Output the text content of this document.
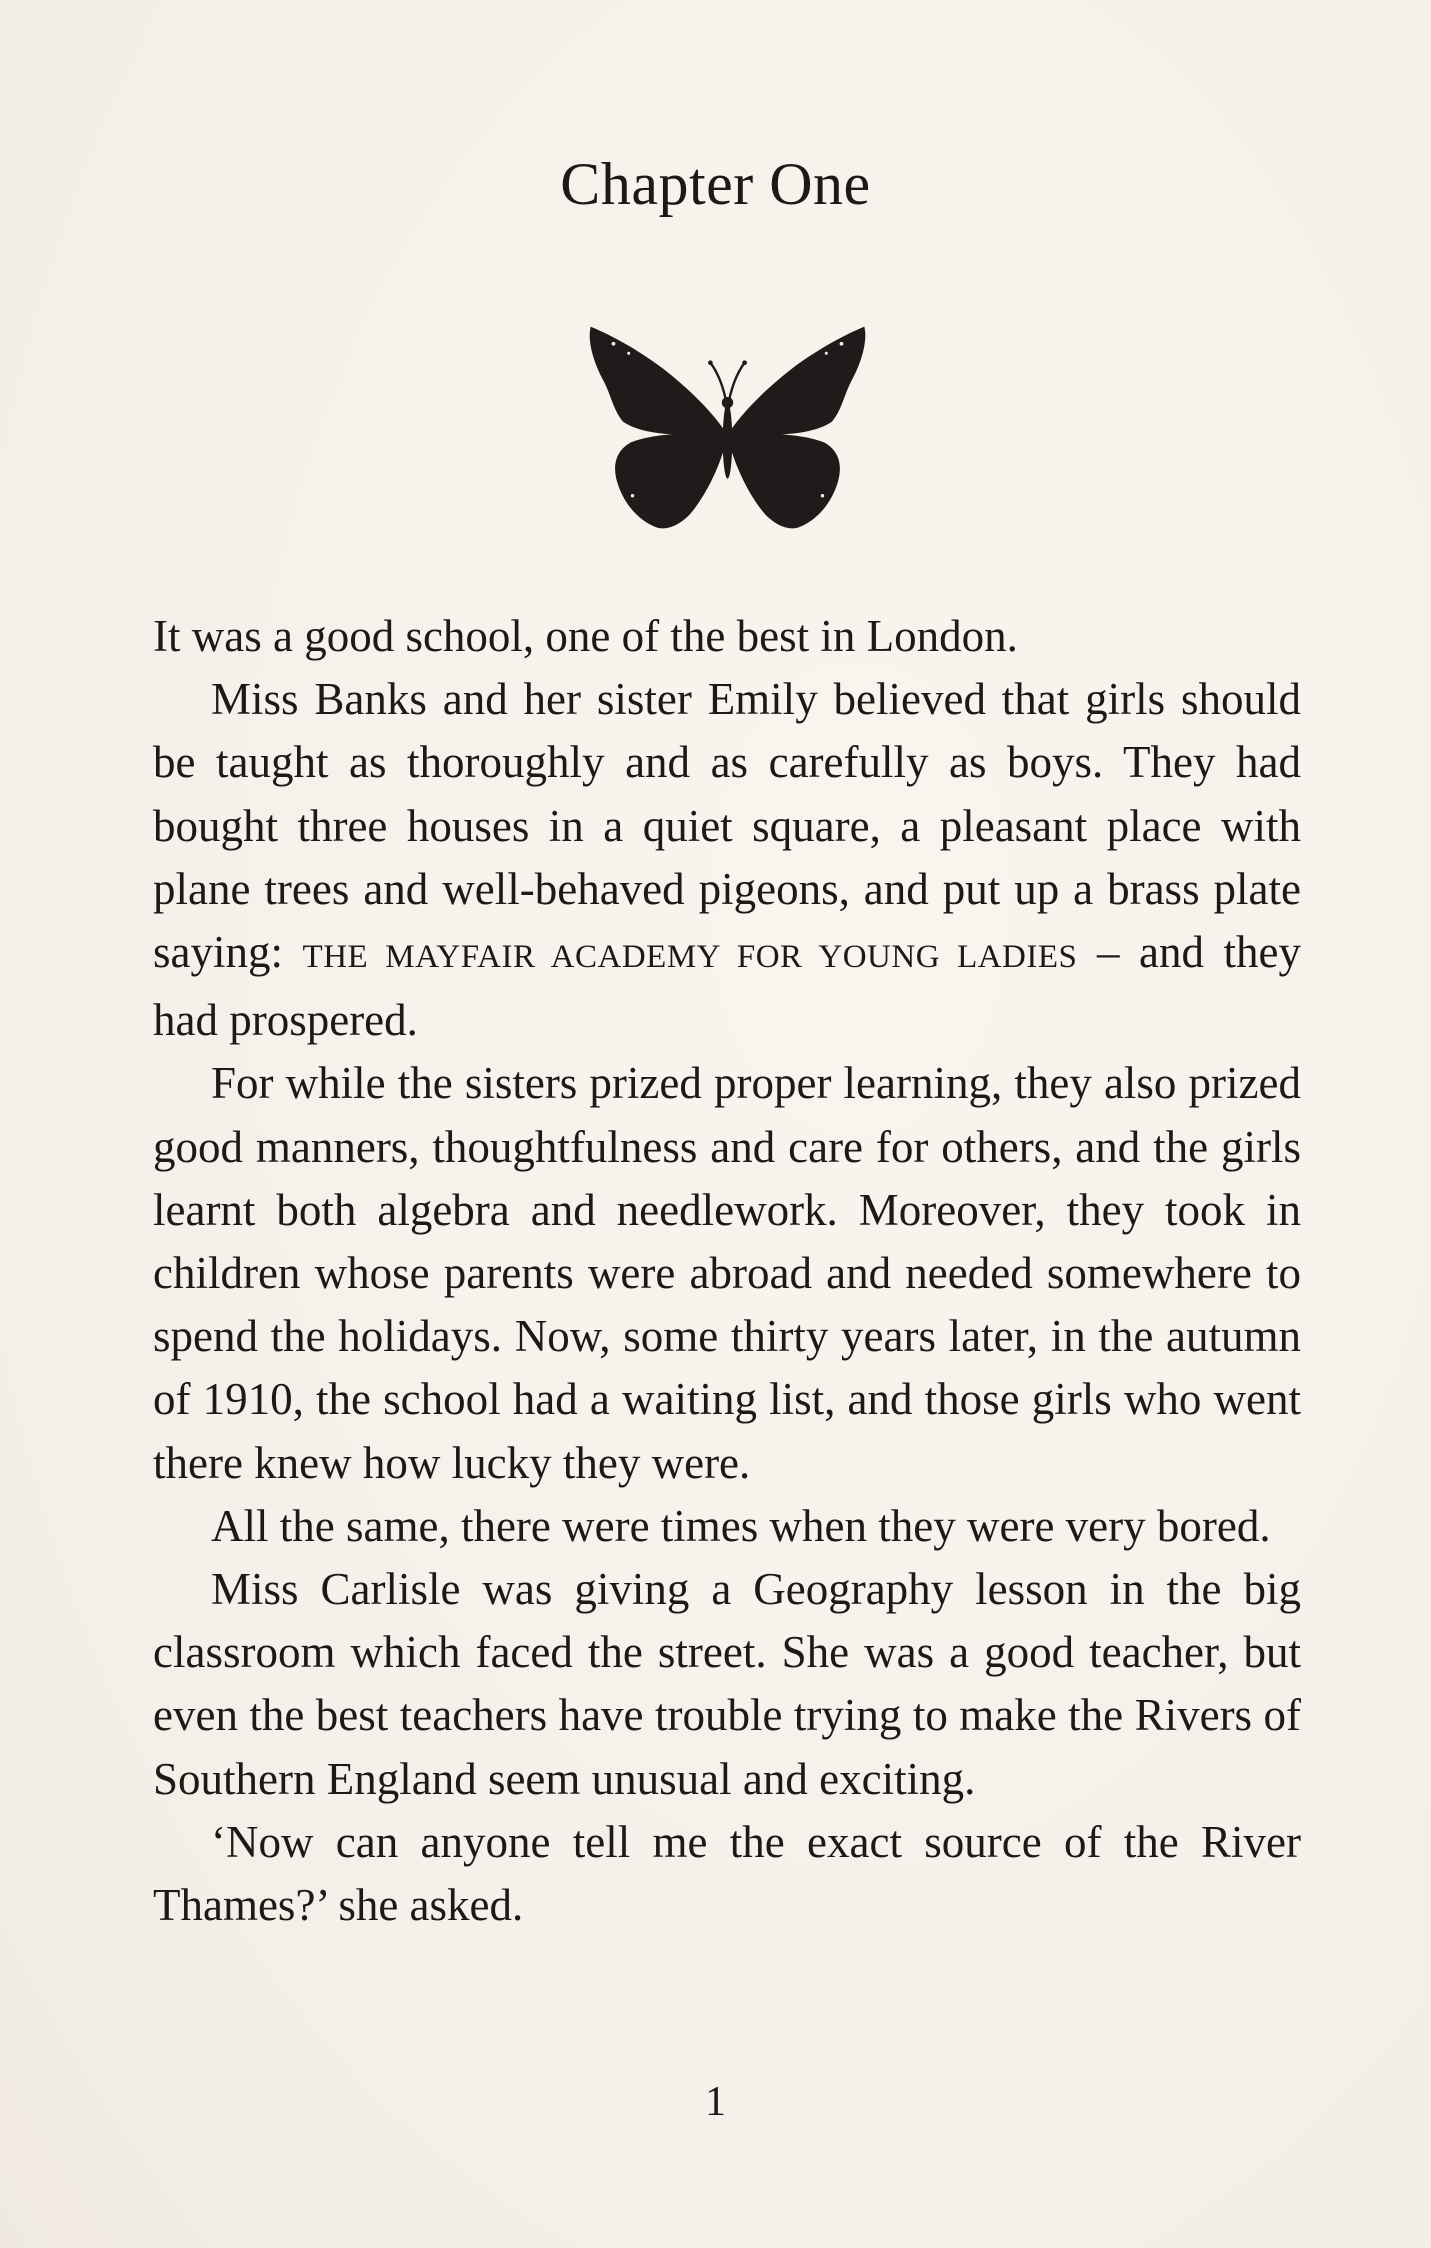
Chapter One

It was a good school, one of the best in London.

Miss Banks and her sister Emily believed that girls should be taught as thoroughly and as carefully as boys. They had bought three houses in a quiet square, a pleasant place with plane trees and well-behaved pigeons, and put up a brass plate saying: THE MAYFAIR ACADEMY FOR YOUNG LADIES – and they had prospered.

For while the sisters prized proper learning, they also prized good manners, thoughtfulness and care for others, and the girls learnt both algebra and needlework. Moreover, they took in children whose parents were abroad and needed somewhere to spend the holidays. Now, some thirty years later, in the autumn of 1910, the school had a waiting list, and those girls who went there knew how lucky they were.

All the same, there were times when they were very bored.

Miss Carlisle was giving a Geography lesson in the big classroom which faced the street. She was a good teacher, but even the best teachers have trouble trying to make the Rivers of Southern England seem unusual and exciting.

‘Now can anyone tell me the exact source of the River Thames?’ she asked.

1
